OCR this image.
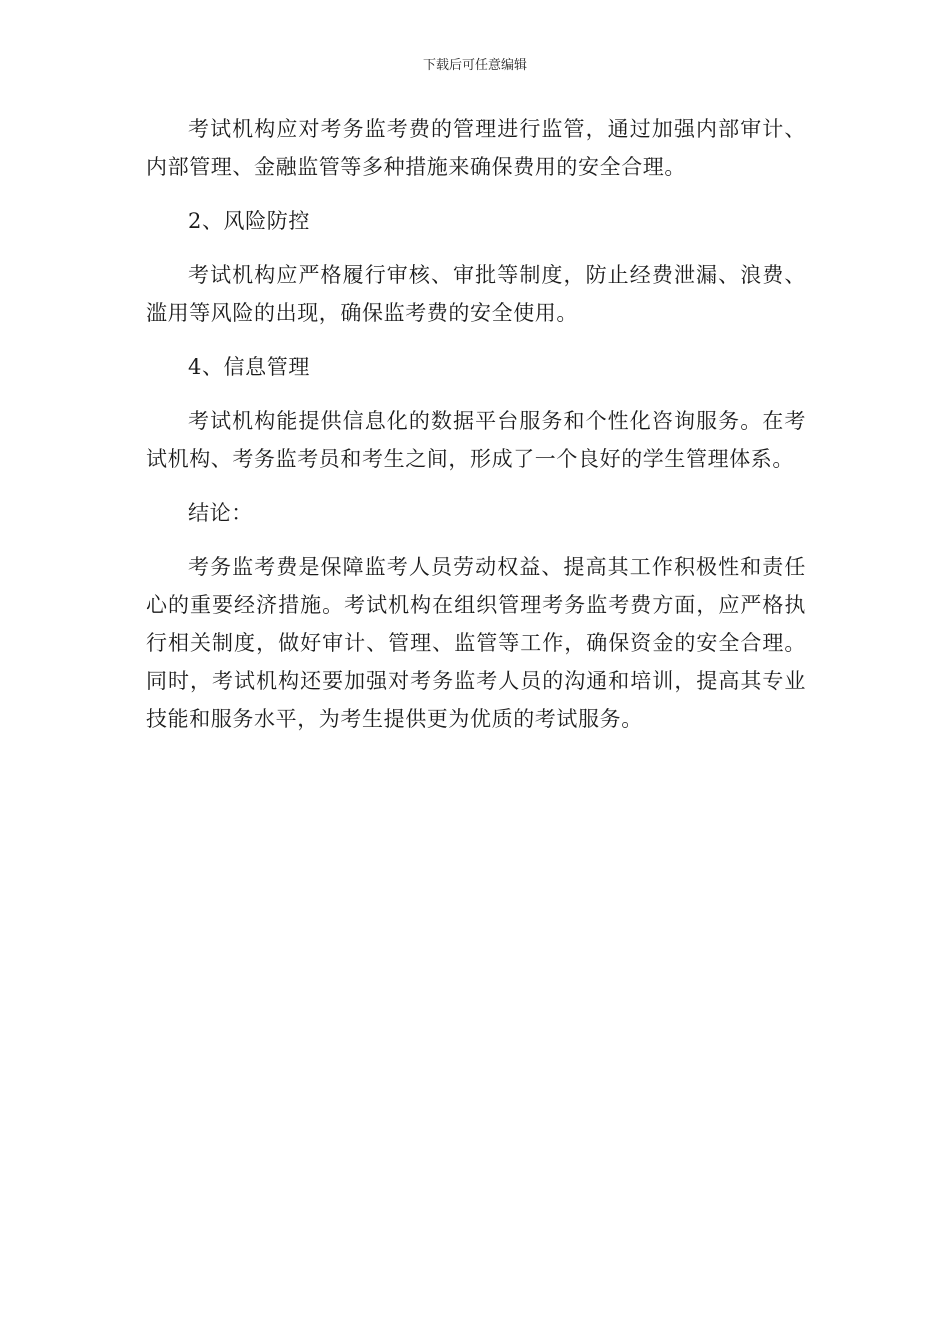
下载后可任意编辑

考试机构应对考务监考费的管理进行监管，通过加强内部审计、内部管理、金融监管等多种措施来确保费用的安全合理。

2、风险防控

考试机构应严格履行审核、审批等制度，防止经费泄漏、浪费、滥用等风险的出现，确保监考费的安全使用。

4、信息管理

考试机构能提供信息化的数据平台服务和个性化咨询服务。在考试机构、考务监考员和考生之间，形成了一个良好的学生管理体系。

结论：

考务监考费是保障监考人员劳动权益、提高其工作积极性和责任心的重要经济措施。考试机构在组织管理考务监考费方面，应严格执行相关制度，做好审计、管理、监管等工作，确保资金的安全合理。同时，考试机构还要加强对考务监考人员的沟通和培训，提高其专业技能和服务水平，为考生提供更为优质的考试服务。
